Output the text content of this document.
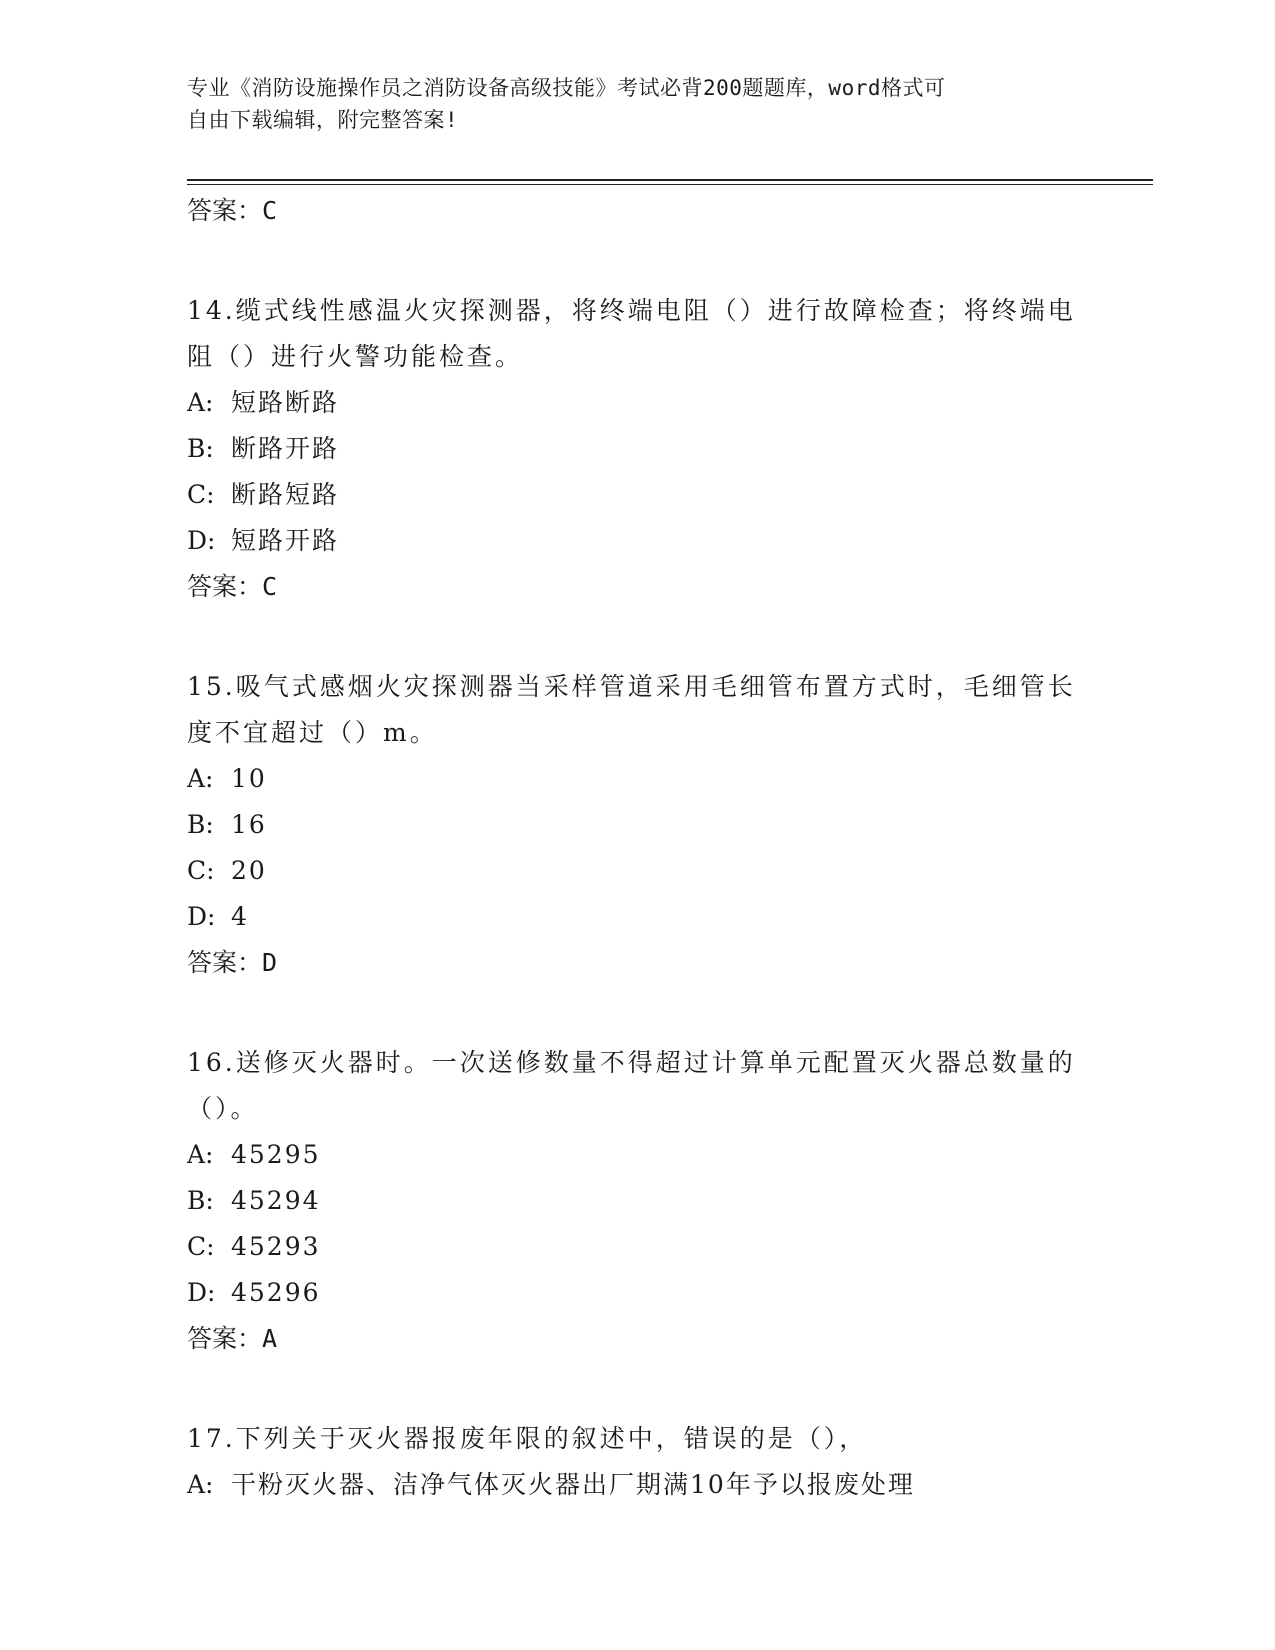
专业《消防设施操作员之消防设备高级技能》考试必背200题题库，word格式可
自由下载编辑，附完整答案!
答案：C

14.缆式线性感温火灾探测器，将终端电阻（）进行故障检查；将终端电阻（）进行火警功能检查。

A: 短路断路
B: 断路开路
C: 断路短路
D: 短路开路
答案：C

15.吸气式感烟火灾探测器当采样管道采用毛细管布置方式时，毛细管长度不宜超过（）m。

A: 10
B: 16
C: 20
D: 4
答案：D

16.送修灭火器时。一次送修数量不得超过计算单元配置灭火器总数量的（）。

A: 45295
B: 45294
C: 45293
D: 45296
答案：A

17.下列关于灭火器报废年限的叙述中，错误的是（），

A: 干粉灭火器、洁净气体灭火器出厂期满10年予以报废处理
